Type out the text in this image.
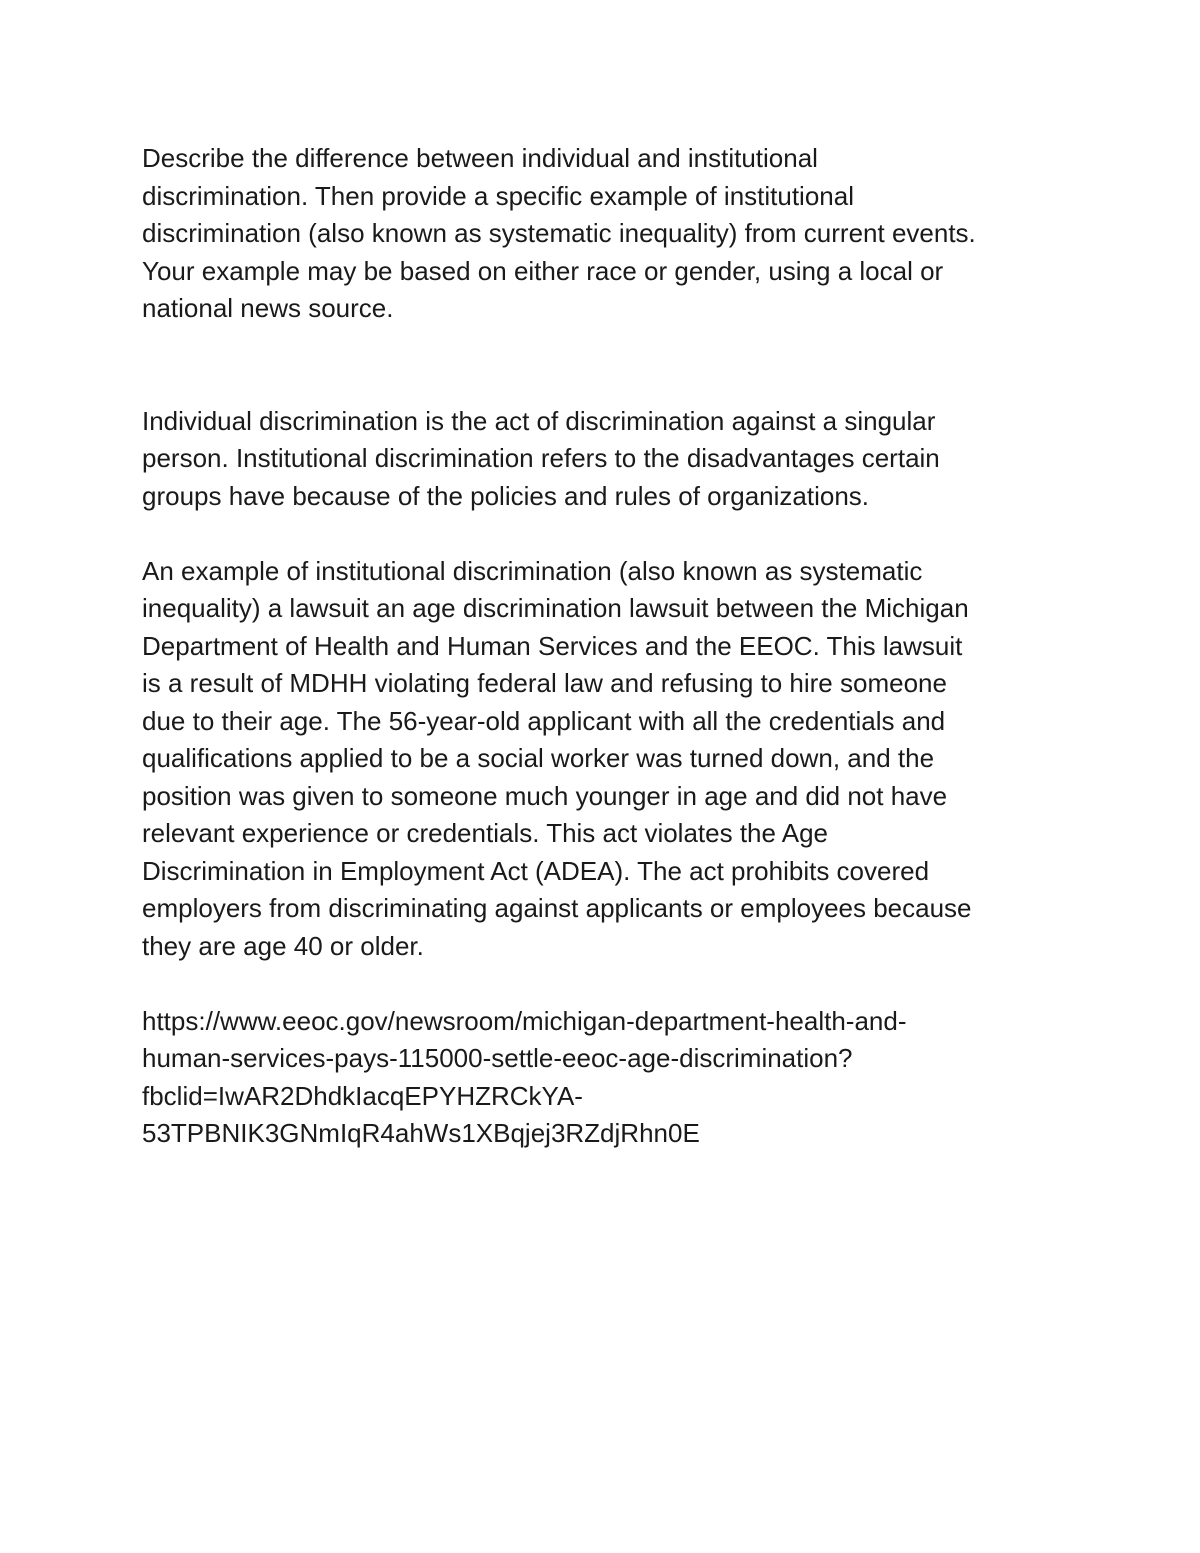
Describe the difference between individual and institutional
discrimination. Then provide a specific example of institutional
discrimination (also known as systematic inequality) from current events.
Your example may be based on either race or gender, using a local or
national news source.
Individual discrimination is the act of discrimination against a singular
person. Institutional discrimination refers to the disadvantages certain
groups have because of the policies and rules of organizations.
An example of institutional discrimination (also known as systematic
inequality) a lawsuit an age discrimination lawsuit between the Michigan
Department of Health and Human Services and the EEOC. This lawsuit
is a result of MDHH violating federal law and refusing to hire someone
due to their age. The 56-year-old applicant with all the credentials and
qualifications applied to be a social worker was turned down, and the
position was given to someone much younger in age and did not have
relevant experience or credentials. This act violates the Age
Discrimination in Employment Act (ADEA). The act prohibits covered
employers from discriminating against applicants or employees because
they are age 40 or older.
https://www.eeoc.gov/newsroom/michigan-department-health-and-
human-services-pays-115000-settle-eeoc-age-discrimination?
fbclid=IwAR2DhdkIacqEPYHZRCkYA-
53TPBNIK3GNmIqR4ahWs1XBqjej3RZdjRhn0E
